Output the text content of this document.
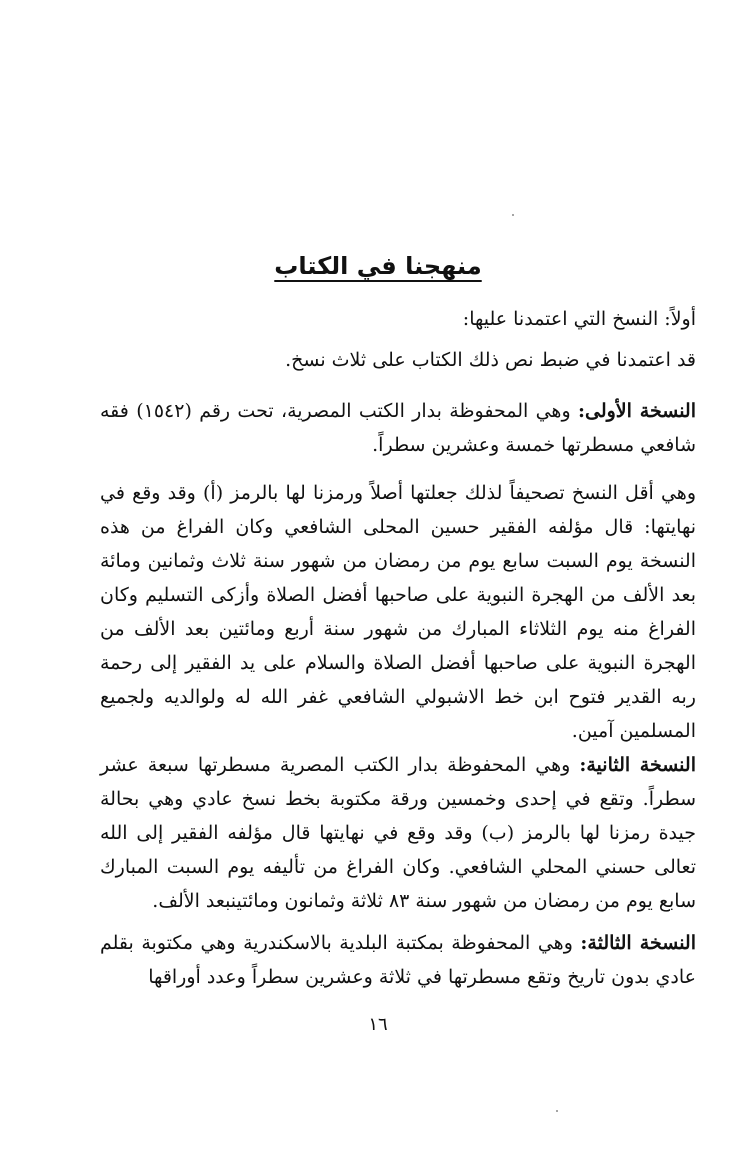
منهجنا في الكتاب
أولاً: النسخ التي اعتمدنا عليها:
قد اعتمدنا في ضبط نص ذلك الكتاب على ثلاث نسخ.
النسخة الأولى: وهي المحفوظة بدار الكتب المصرية، تحت رقم (١٥٤٢) فقه شافعي مسطرتها خمسة وعشرين سطراً.
وهي أقل النسخ تصحيفاً لذلك جعلتها أصلاً ورمزنا لها بالرمز (أ) وقد وقع في نهايتها: قال مؤلفه الفقير حسين المحلى الشافعي وكان الفراغ من هذه النسخة يوم السبت سابع يوم من رمضان من شهور سنة ثلاث وثمانين ومائة بعد الألف من الهجرة النبوية على صاحبها أفضل الصلاة وأزكى التسليم وكان الفراغ منه يوم الثلاثاء المبارك من شهور سنة أربع ومائتين بعد الألف من الهجرة النبوية على صاحبها أفضل الصلاة والسلام على يد الفقير إلى رحمة ربه القدير فتوح ابن خط الاشبولي الشافعي غفر الله له ولوالديه ولجميع المسلمين آمين.
النسخة الثانية: وهي المحفوظة بدار الكتب المصرية مسطرتها سبعة عشر سطراً. وتقع في إحدى وخمسين ورقة مكتوبة بخط نسخ عادي وهي بحالة جيدة رمزنا لها بالرمز (ب) وقد وقع في نهايتها قال مؤلفه الفقير إلى الله تعالى حسني المحلي الشافعي. وكان الفراغ من تأليفه يوم السبت المبارك سابع يوم من رمضان من شهور سنة ٨٣ ثلاثة وثمانون ومائتينبعد الألف.
النسخة الثالثة: وهي المحفوظة بمكتبة البلدية بالاسكندرية وهي مكتوبة بقلم عادي بدون تاريخ وتقع مسطرتها في ثلاثة وعشرين سطراً وعدد أوراقها
١٦
